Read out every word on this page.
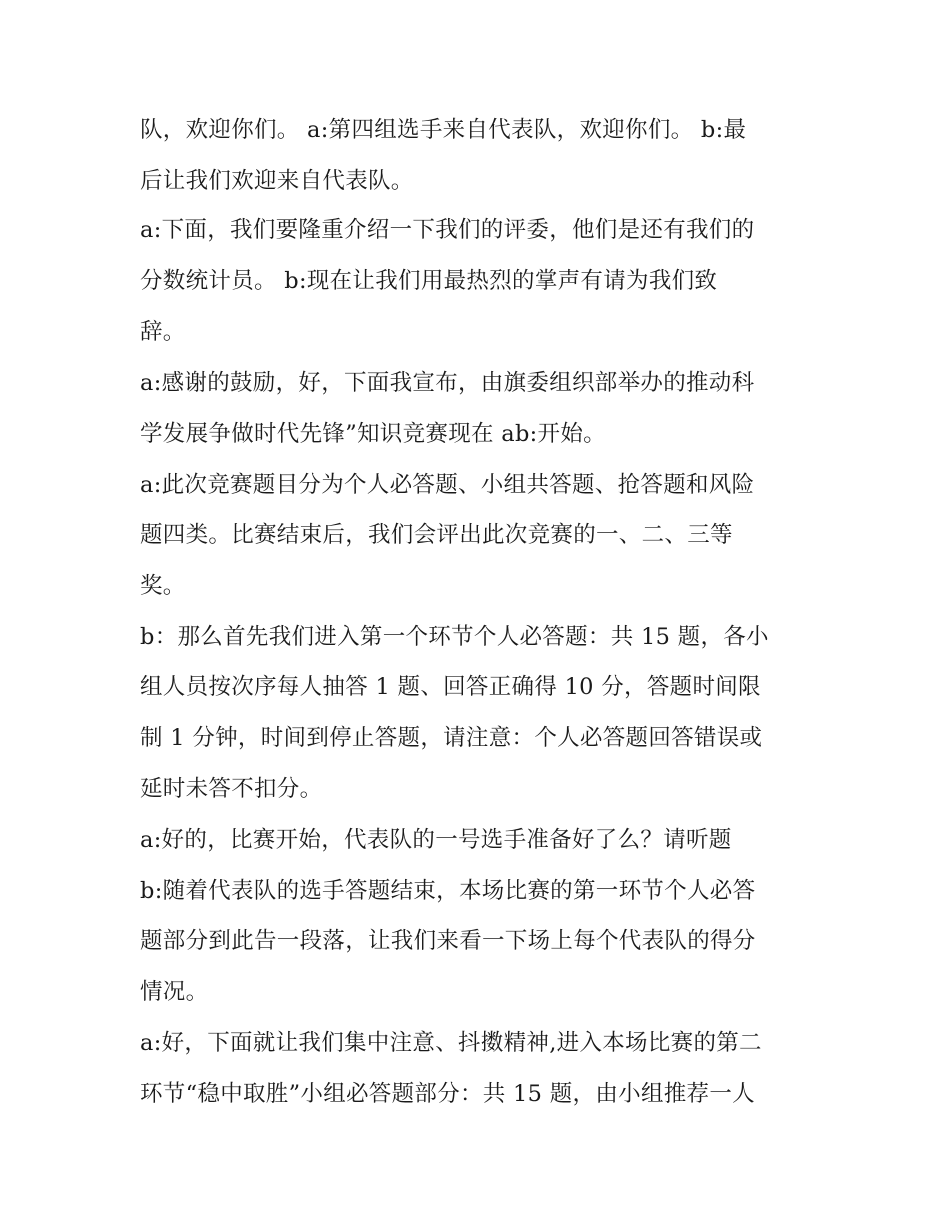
队，欢迎你们。 a:第四组选手来自代表队，欢迎你们。 b:最

后让我们欢迎来自代表队。

a:下面，我们要隆重介绍一下我们的评委，他们是还有我们的

分数统计员。 b:现在让我们用最热烈的掌声有请为我们致

辞。

a:感谢的鼓励，好，下面我宣布，由旗委组织部举办的推动科

学发展争做时代先锋”知识竞赛现在 ab:开始。

a:此次竞赛题目分为个人必答题、小组共答题、抢答题和风险

题四类。比赛结束后，我们会评出此次竞赛的一、二、三等

奖。

b：那么首先我们进入第一个环节个人必答题：共 15 题，各小

组人员按次序每人抽答 1 题、回答正确得 10 分，答题时间限

制 1 分钟，时间到停止答题，请注意：个人必答题回答错误或

延时未答不扣分。

a:好的，比赛开始，代表队的一号选手准备好了么？请听题

b:随着代表队的选手答题结束，本场比赛的第一环节个人必答

题部分到此告一段落，让我们来看一下场上每个代表队的得分

情况。

a:好，下面就让我们集中注意、抖擞精神,进入本场比赛的第二

环节“稳中取胜”小组必答题部分：共 15 题，由小组推荐一人
